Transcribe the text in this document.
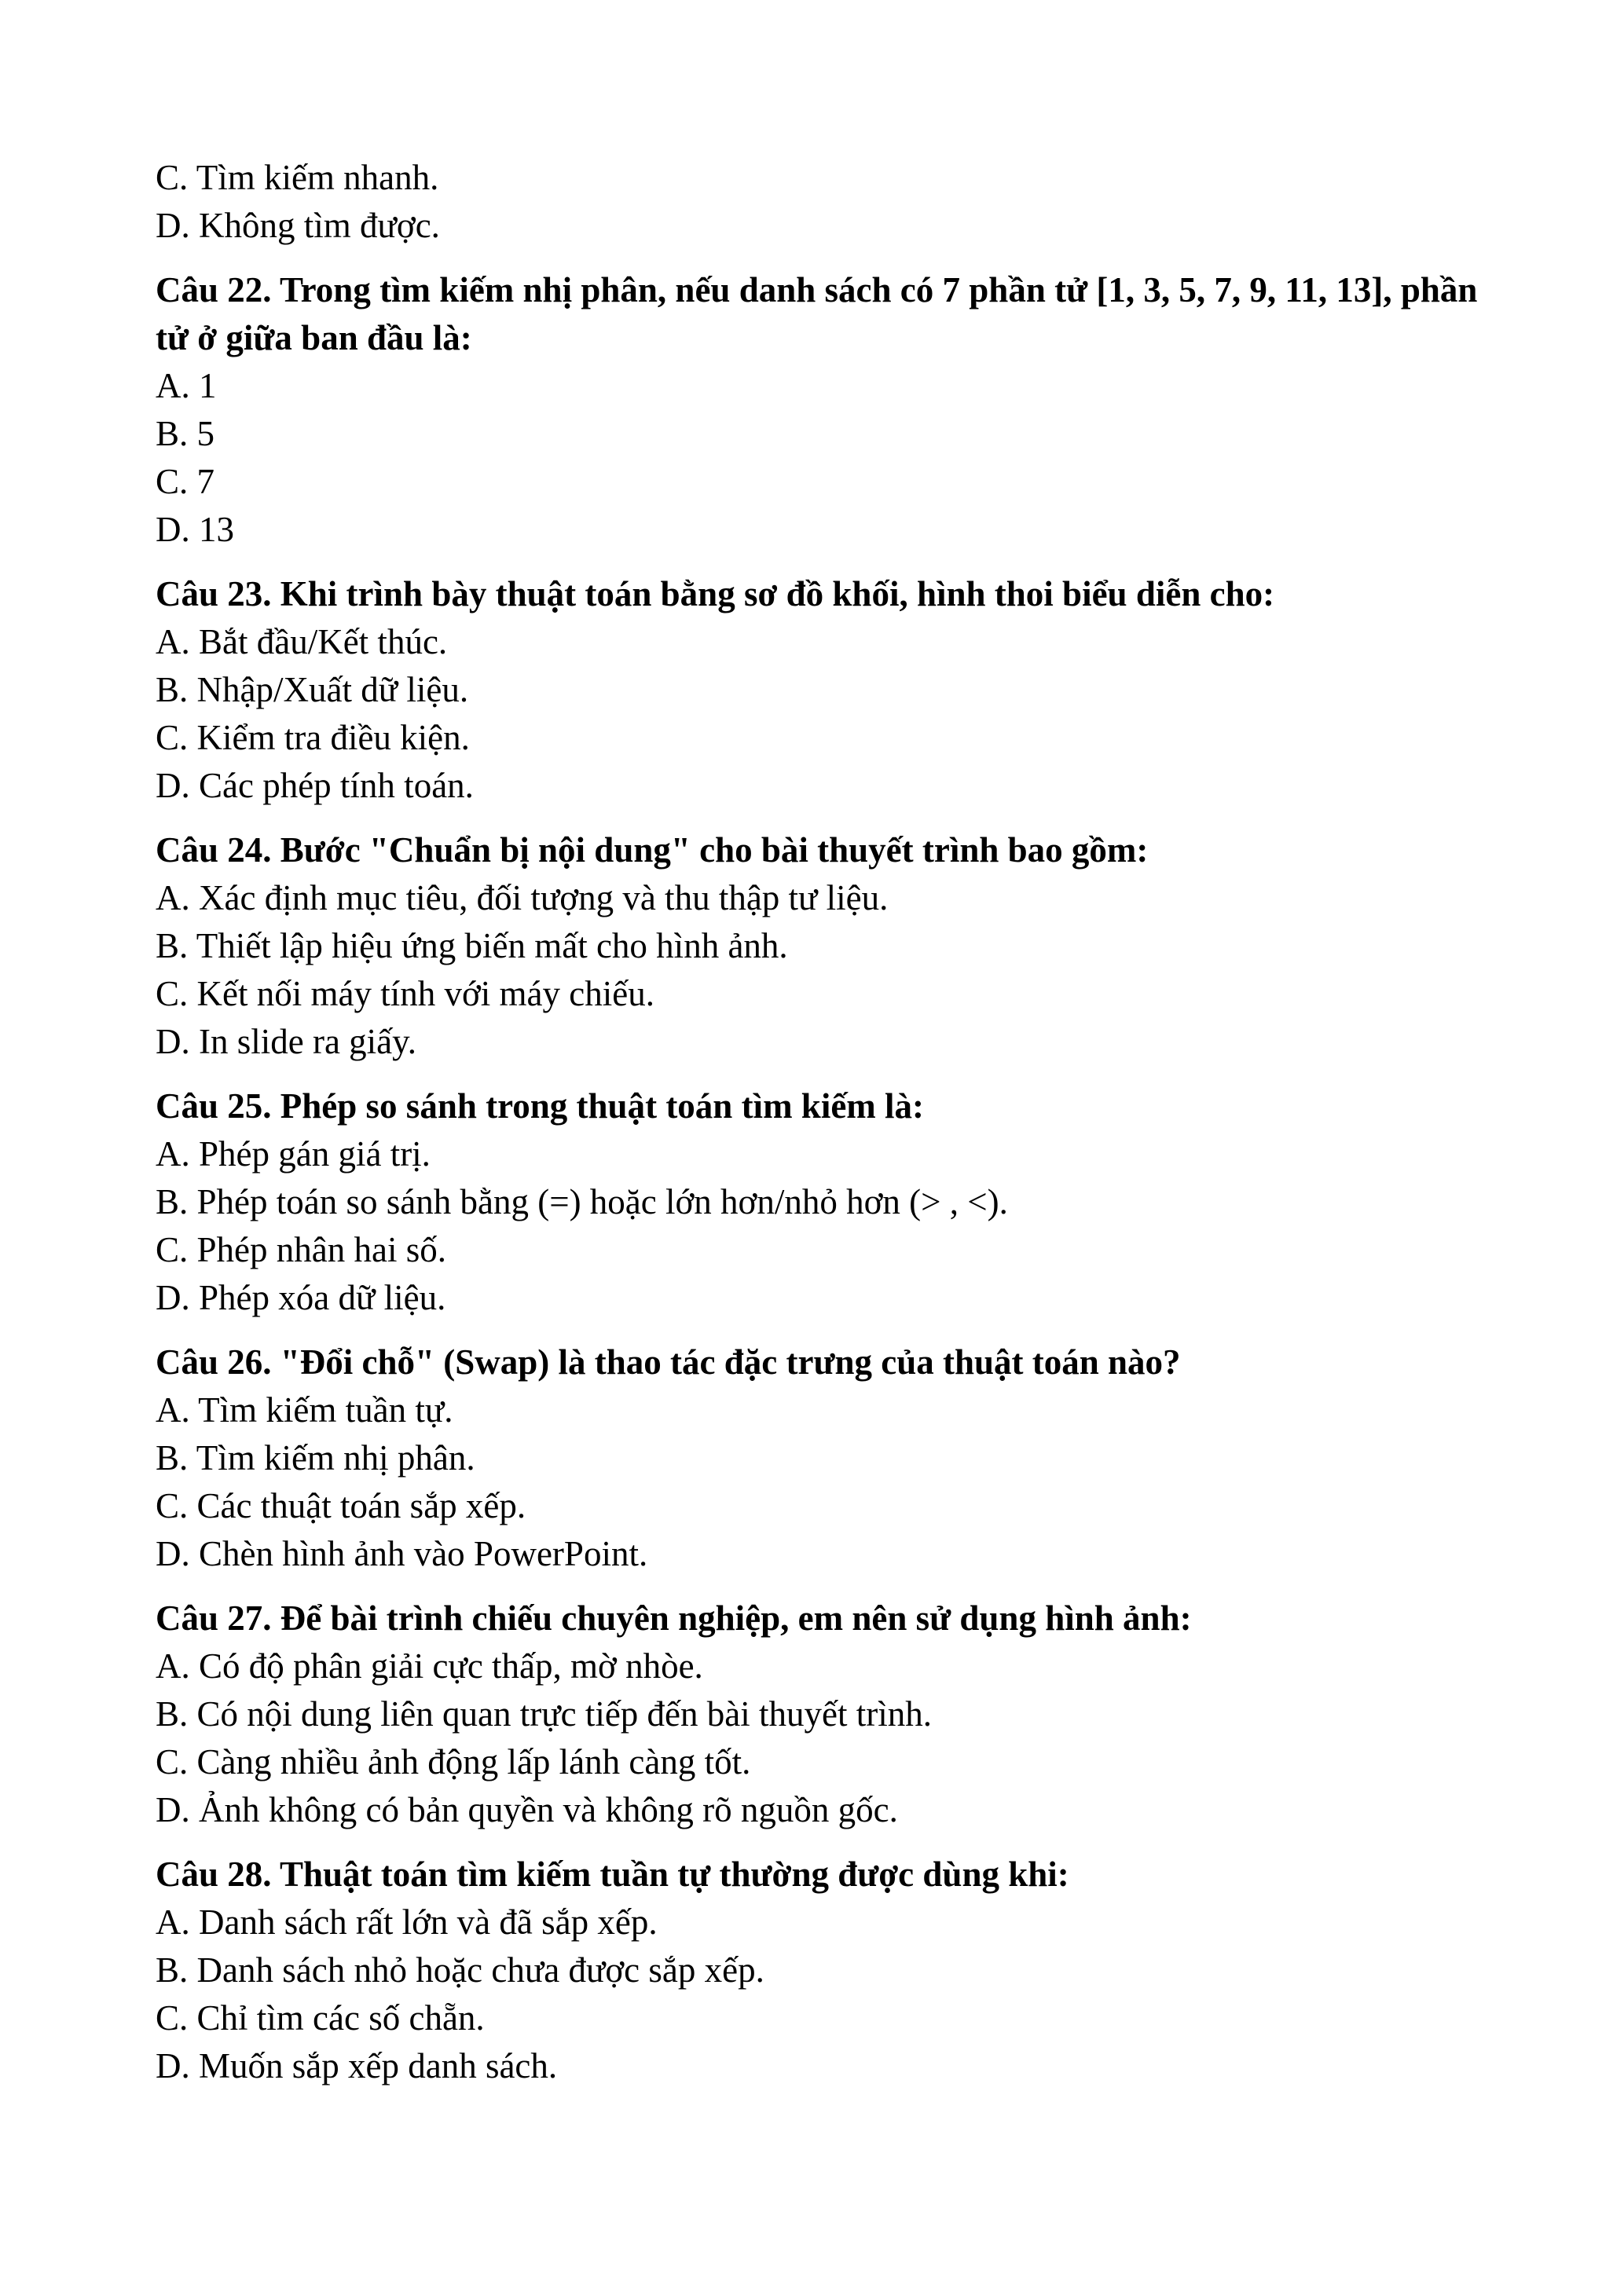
C. Tìm kiếm nhanh.
D. Không tìm được.
Câu 22. Trong tìm kiếm nhị phân, nếu danh sách có 7 phần tử [1, 3, 5, 7, 9, 11, 13], phần tử ở giữa ban đầu là:
A. 1
B. 5
C. 7
D. 13
Câu 23. Khi trình bày thuật toán bằng sơ đồ khối, hình thoi biểu diễn cho:
A. Bắt đầu/Kết thúc.
B. Nhập/Xuất dữ liệu.
C. Kiểm tra điều kiện.
D. Các phép tính toán.
Câu 24. Bước "Chuẩn bị nội dung" cho bài thuyết trình bao gồm:
A. Xác định mục tiêu, đối tượng và thu thập tư liệu.
B. Thiết lập hiệu ứng biến mất cho hình ảnh.
C. Kết nối máy tính với máy chiếu.
D. In slide ra giấy.
Câu 25. Phép so sánh trong thuật toán tìm kiếm là:
A. Phép gán giá trị.
B. Phép toán so sánh bằng (=) hoặc lớn hơn/nhỏ hơn (> , <).
C. Phép nhân hai số.
D. Phép xóa dữ liệu.
Câu 26. "Đổi chỗ" (Swap) là thao tác đặc trưng của thuật toán nào?
A. Tìm kiếm tuần tự.
B. Tìm kiếm nhị phân.
C. Các thuật toán sắp xếp.
D. Chèn hình ảnh vào PowerPoint.
Câu 27. Để bài trình chiếu chuyên nghiệp, em nên sử dụng hình ảnh:
A. Có độ phân giải cực thấp, mờ nhòe.
B. Có nội dung liên quan trực tiếp đến bài thuyết trình.
C. Càng nhiều ảnh động lấp lánh càng tốt.
D. Ảnh không có bản quyền và không rõ nguồn gốc.
Câu 28. Thuật toán tìm kiếm tuần tự thường được dùng khi:
A. Danh sách rất lớn và đã sắp xếp.
B. Danh sách nhỏ hoặc chưa được sắp xếp.
C. Chỉ tìm các số chẵn.
D. Muốn sắp xếp danh sách.
